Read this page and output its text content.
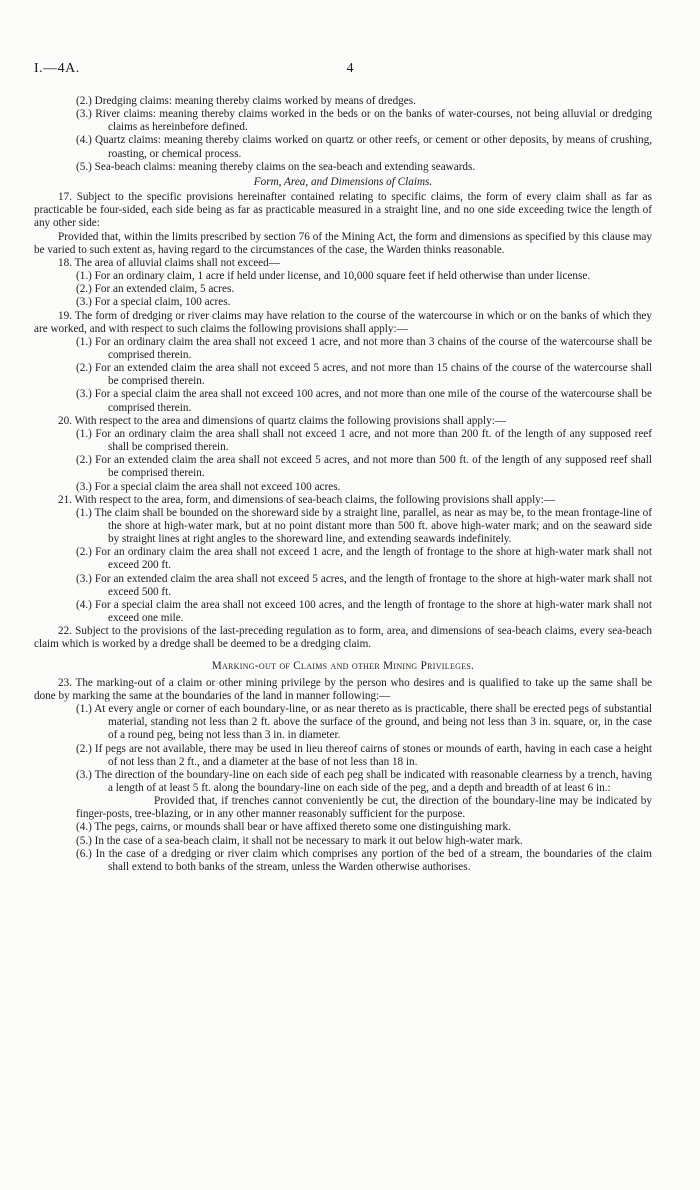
I.—4A.	4

(2.) Dredging claims: meaning thereby claims worked by means of dredges.

(3.) River claims: meaning thereby claims worked in the beds or on the banks of water-courses, not being alluvial or dredging claims as hereinbefore defined.

(4.) Quartz claims: meaning thereby claims worked on quartz or other reefs, or cement or other deposits, by means of crushing, roasting, or chemical process.

(5.) Sea-beach claims: meaning thereby claims on the sea-beach and extending seawards.

Form, Area, and Dimensions of Claims.

17. Subject to the specific provisions hereinafter contained relating to specific claims, the form of every claim shall as far as practicable be four-sided, each side being as far as practicable measured in a straight line, and no one side exceeding twice the length of any other side:

Provided that, within the limits prescribed by section 76 of the Mining Act, the form and dimensions as specified by this clause may be varied to such extent as, having regard to the circumstances of the case, the Warden thinks reasonable.

18. The area of alluvial claims shall not exceed—

(1.) For an ordinary claim, 1 acre if held under license, and 10,000 square feet if held otherwise than under license.

(2.) For an extended claim, 5 acres.

(3.) For a special claim, 100 acres.

19. The form of dredging or river claims may have relation to the course of the watercourse in which or on the banks of which they are worked, and with respect to such claims the following provisions shall apply:—

(1.) For an ordinary claim the area shall not exceed 1 acre, and not more than 3 chains of the course of the watercourse shall be comprised therein.

(2.) For an extended claim the area shall not exceed 5 acres, and not more than 15 chains of the course of the watercourse shall be comprised therein.

(3.) For a special claim the area shall not exceed 100 acres, and not more than one mile of the course of the watercourse shall be comprised therein.

20. With respect to the area and dimensions of quartz claims the following provisions shall apply:—

(1.) For an ordinary claim the area shall shall not exceed 1 acre, and not more than 200 ft. of the length of any supposed reef shall be comprised therein.

(2.) For an extended claim the area shall not exceed 5 acres, and not more than 500 ft. of the length of any supposed reef shall be comprised therein.

(3.) For a special claim the area shall not exceed 100 acres.

21. With respect to the area, form, and dimensions of sea-beach claims, the following provisions shall apply:—

(1.) The claim shall be bounded on the shoreward side by a straight line, parallel, as near as may be, to the mean frontage-line of the shore at high-water mark, but at no point distant more than 500 ft. above high-water mark; and on the seaward side by straight lines at right angles to the shoreward line, and extending seawards indefinitely.

(2.) For an ordinary claim the area shall not exceed 1 acre, and the length of frontage to the shore at high-water mark shall not exceed 200 ft.

(3.) For an extended claim the area shall not exceed 5 acres, and the length of frontage to the shore at high-water mark shall not exceed 500 ft.

(4.) For a special claim the area shall not exceed 100 acres, and the length of frontage to the shore at high-water mark shall not exceed one mile.

22. Subject to the provisions of the last-preceding regulation as to form, area, and dimensions of sea-beach claims, every sea-beach claim which is worked by a dredge shall be deemed to be a dredging claim.

Marking-out of Claims and other Mining Privileges.

23. The marking-out of a claim or other mining privilege by the person who desires and is qualified to take up the same shall be done by marking the same at the boundaries of the land in manner following:—

(1.) At every angle or corner of each boundary-line, or as near thereto as is practicable, there shall be erected pegs of substantial material, standing not less than 2 ft. above the surface of the ground, and being not less than 3 in. square, or, in the case of a round peg, being not less than 3 in. in diameter.

(2.) If pegs are not available, there may be used in lieu thereof cairns of stones or mounds of earth, having in each case a height of not less than 2 ft., and a diameter at the base of not less than 18 in.

(3.) The direction of the boundary-line on each side of each peg shall be indicated with reasonable clearness by a trench, having a length of at least 5 ft. along the boundary-line on each side of the peg, and a depth and breadth of at least 6 in.:

Provided that, if trenches cannot conveniently be cut, the direction of the boundary-line may be indicated by finger-posts, tree-blazing, or in any other manner reasonably sufficient for the purpose.

(4.) The pegs, cairns, or mounds shall bear or have affixed thereto some one distinguishing mark.

(5.) In the case of a sea-beach claim, it shall not be necessary to mark it out below high-water mark.

(6.) In the case of a dredging or river claim which comprises any portion of the bed of a stream, the boundaries of the claim shall extend to both banks of the stream, unless the Warden otherwise authorises.
